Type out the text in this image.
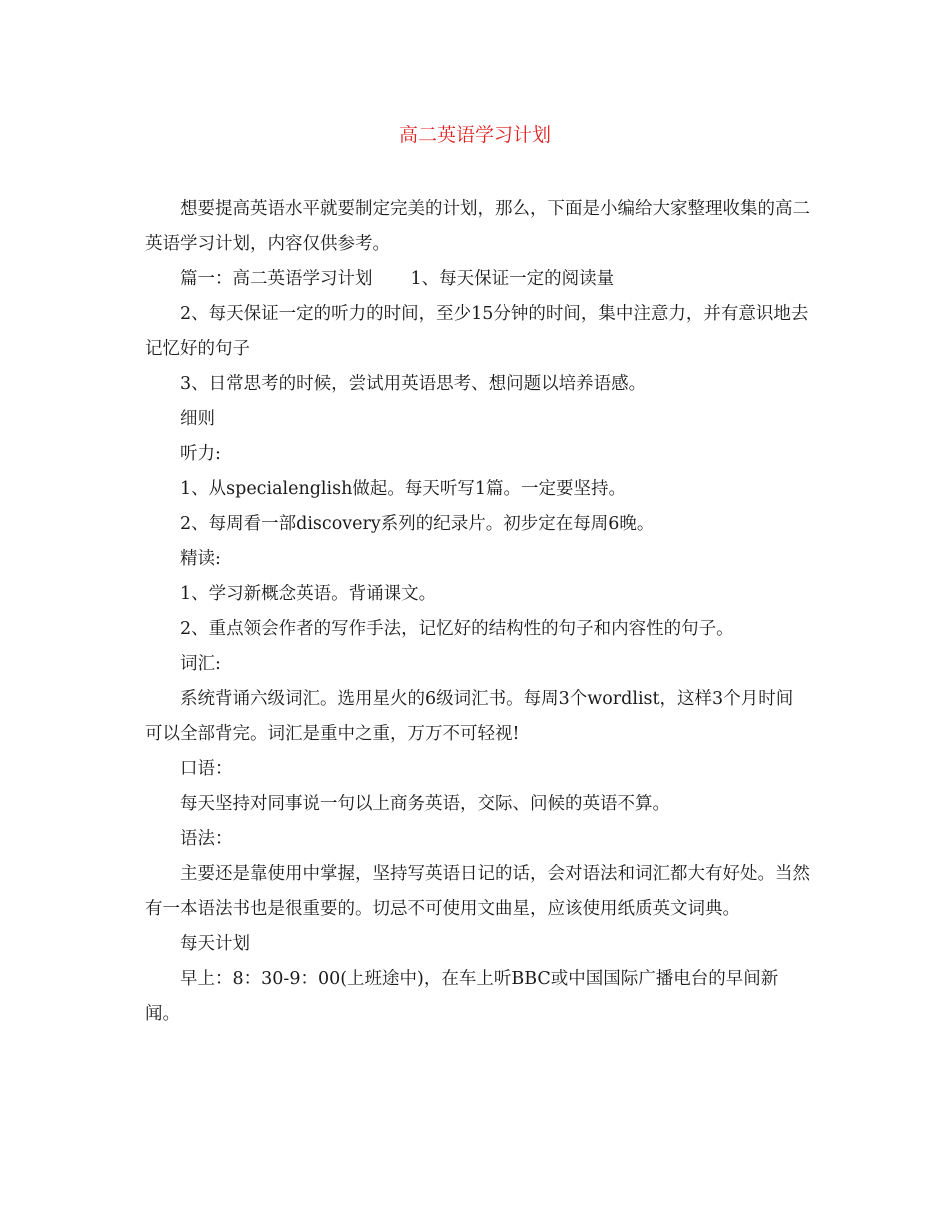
高二英语学习计划

想要提高英语水平就要制定完美的计划，那么，下面是小编给大家整理收集的高二英语学习计划，内容仅供参考。

篇一：高二英语学习计划 1、每天保证一定的阅读量

2、每天保证一定的听力的时间，至少15分钟的时间，集中注意力，并有意识地去记忆好的句子

3、日常思考的时候，尝试用英语思考、想问题以培养语感。

细则

听力:

1、从specialenglish做起。每天听写1篇。一定要坚持。

2、每周看一部discovery系列的纪录片。初步定在每周6晚。

精读:

1、学习新概念英语。背诵课文。

2、重点领会作者的写作手法，记忆好的结构性的句子和内容性的句子。

词汇:

系统背诵六级词汇。选用星火的6级词汇书。每周3个wordlist，这样3个月时间可以全部背完。词汇是重中之重，万万不可轻视!

口语：

每天坚持对同事说一句以上商务英语，交际、问候的英语不算。

语法：

主要还是靠使用中掌握，坚持写英语日记的话，会对语法和词汇都大有好处。当然有一本语法书也是很重要的。切忌不可使用文曲星，应该使用纸质英文词典。

每天计划

早上：8：30-9：00(上班途中)，在车上听BBC或中国国际广播电台的早间新闻。
